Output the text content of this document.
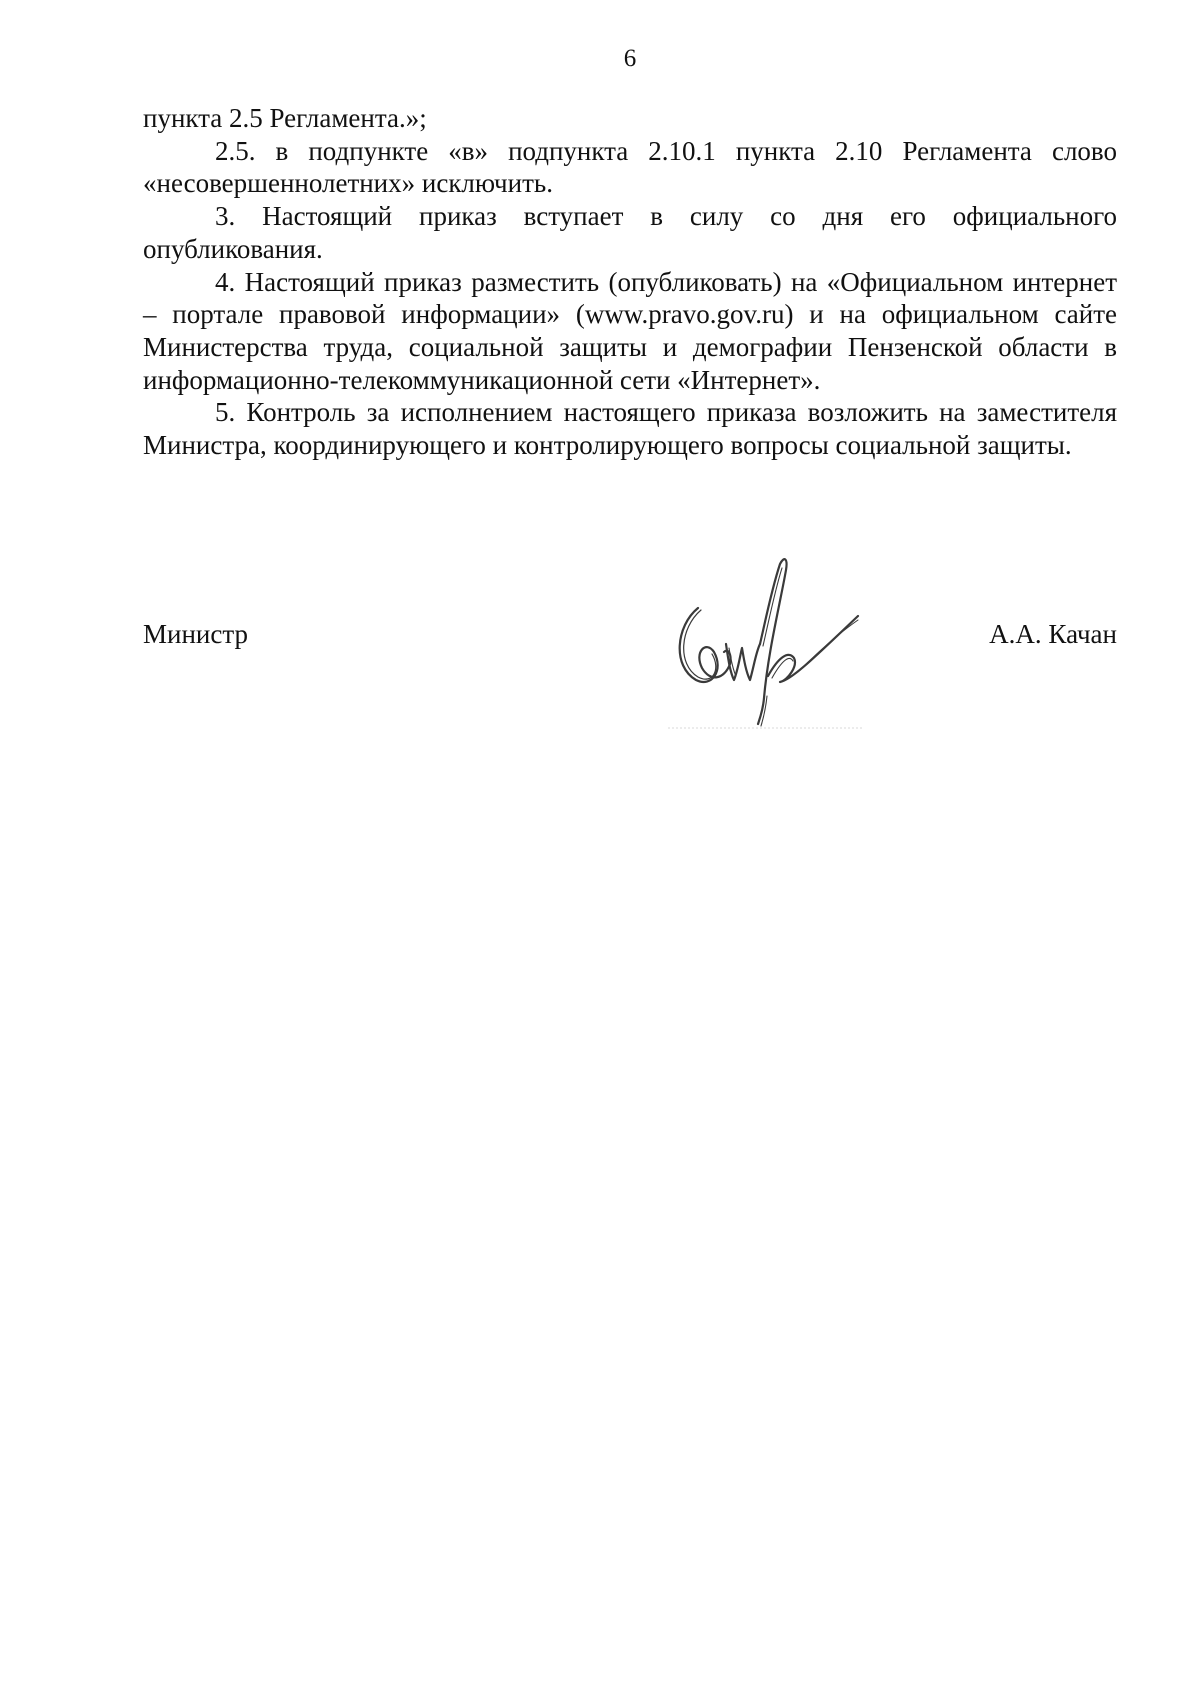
6

пункта 2.5 Регламента.»;

2.5. в подпункте «в» подпункта 2.10.1 пункта 2.10 Регламента слово «несовершеннолетних» исключить.

3. Настоящий приказ вступает в силу со дня его официального опубликования.

4. Настоящий приказ разместить (опубликовать) на «Официальном интернет – портале правовой информации» (www.pravo.gov.ru) и на официальном сайте Министерства труда, социальной защиты и демографии Пензенской области в информационно-телекоммуникационной сети «Интернет».

5. Контроль за исполнением настоящего приказа возложить на заместителя Министра, координирующего и контролирующего вопросы социальной защиты.

Министр	А.А. Качан
